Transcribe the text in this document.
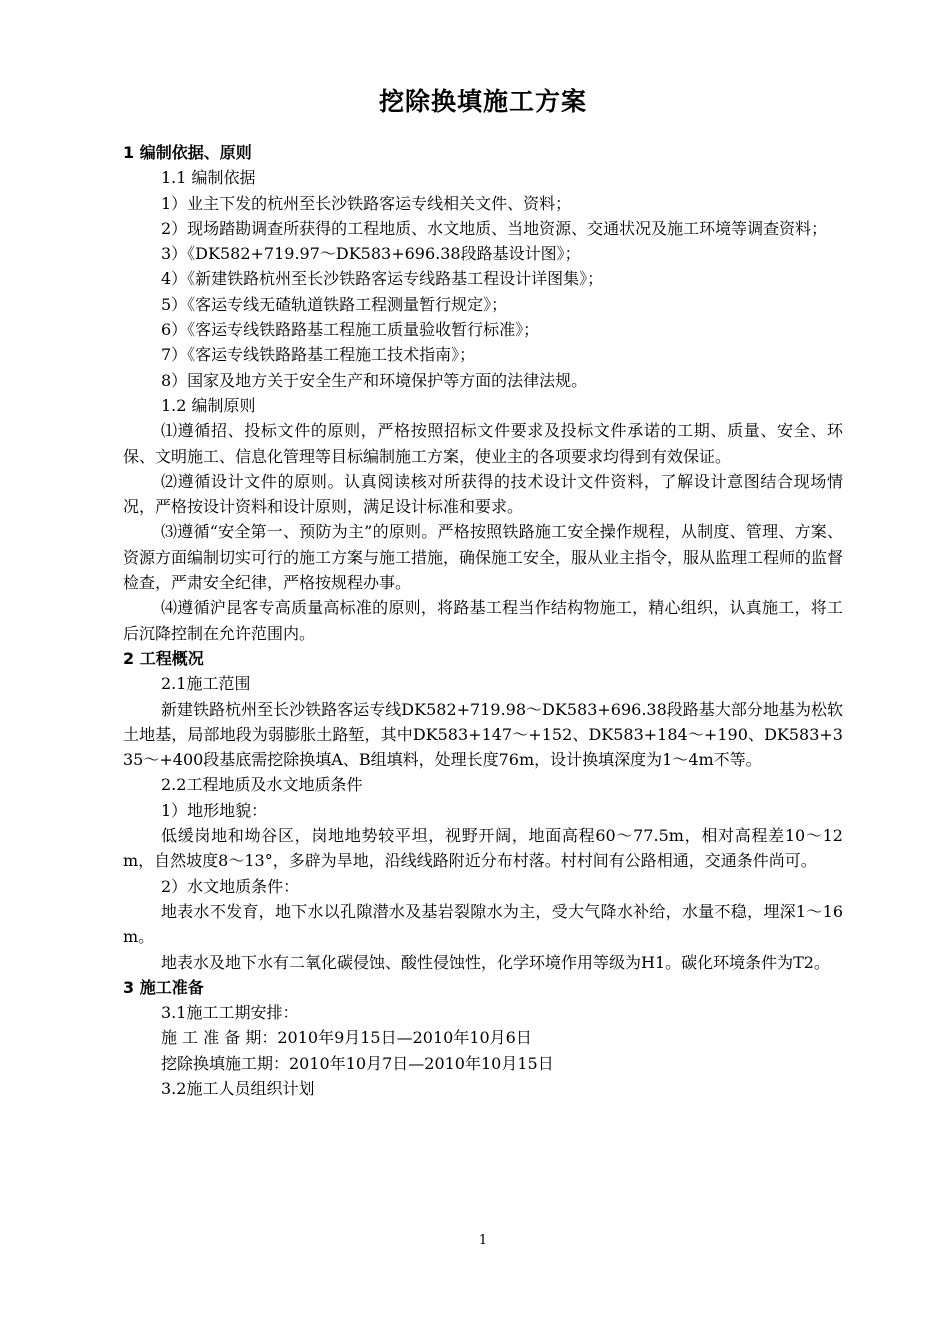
挖除换填施工方案

1 编制依据、原则

1.1 编制依据

1）业主下发的杭州至长沙铁路客运专线相关文件、资料；

2）现场踏勘调查所获得的工程地质、水文地质、当地资源、交通状况及施工环境等调查资料；

3）《DK582+719.97～DK583+696.38段路基设计图》；

4）《新建铁路杭州至长沙铁路客运专线路基工程设计详图集》；

5）《客运专线无碴轨道铁路工程测量暂行规定》；

6）《客运专线铁路路基工程施工质量验收暂行标准》；

7）《客运专线铁路路基工程施工技术指南》；

8）国家及地方关于安全生产和环境保护等方面的法律法规。

1.2 编制原则

⑴遵循招、投标文件的原则，严格按照招标文件要求及投标文件承诺的工期、质量、安全、环保、文明施工、信息化管理等目标编制施工方案，使业主的各项要求均得到有效保证。

⑵遵循设计文件的原则。认真阅读核对所获得的技术设计文件资料，了解设计意图结合现场情况，严格按设计资料和设计原则，满足设计标准和要求。

⑶遵循“安全第一、预防为主”的原则。严格按照铁路施工安全操作规程，从制度、管理、方案、资源方面编制切实可行的施工方案与施工措施，确保施工安全，服从业主指令，服从监理工程师的监督检查，严肃安全纪律，严格按规程办事。

⑷遵循沪昆客专高质量高标准的原则，将路基工程当作结构物施工，精心组织，认真施工，将工后沉降控制在允许范围内。

2 工程概况

2.1施工范围

新建铁路杭州至长沙铁路客运专线DK582+719.98～DK583+696.38段路基大部分地基为松软土地基，局部地段为弱膨胀土路堑，其中DK583+147～+152、DK583+184～+190、DK583+335～+400段基底需挖除换填A、B组填料，处理长度76m，设计换填深度为1～4m不等。

2.2工程地质及水文地质条件

1）地形地貌：

低缓岗地和坳谷区，岗地地势较平坦，视野开阔，地面高程60～77.5m，相对高程差10～12m，自然坡度8～13°，多辟为旱地，沿线线路附近分布村落。村村间有公路相通，交通条件尚可。

2）水文地质条件：

地表水不发育，地下水以孔隙潜水及基岩裂隙水为主，受大气降水补给，水量不稳，埋深1～16m。

地表水及地下水有二氧化碳侵蚀、酸性侵蚀性，化学环境作用等级为H1。碳化环境条件为T2。

3 施工准备

3.1施工工期安排：

施 工 准 备 期：2010年9月15日—2010年10月6日

挖除换填施工期：2010年10月7日—2010年10月15日

3.2施工人员组织计划

1
